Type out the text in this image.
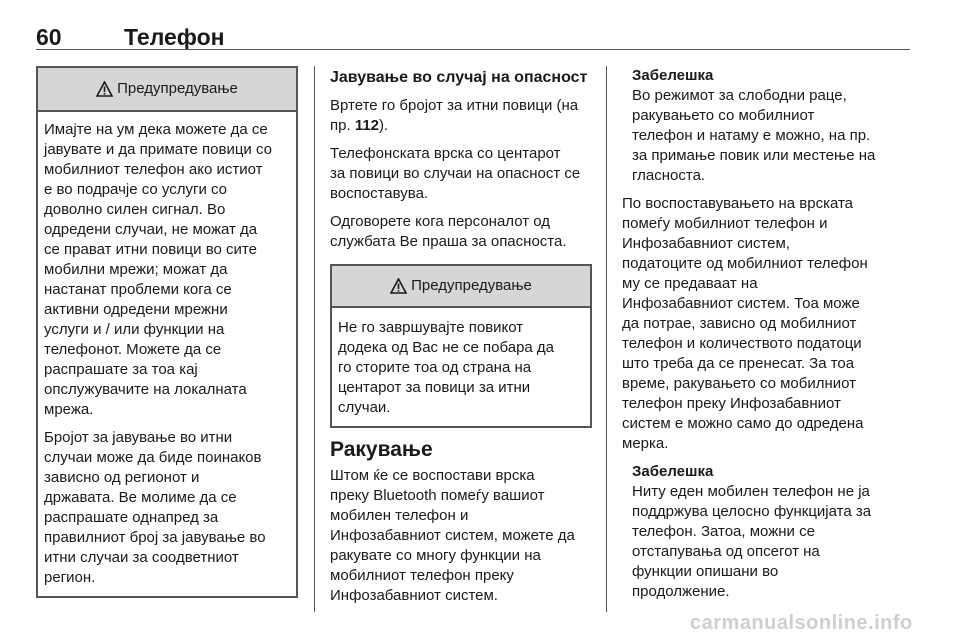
60	Телефон
Предупредување

Имајте на ум дека можете да се
јавувате и да примате повици со
мобилниот телефон ако истиот
е во подрачје со услуги со
доволно силен сигнал. Во
одредени случаи, не можат да
се прават итни повици во сите
мобилни мрежи; можат да
настанат проблеми кога се
активни одредени мрежни
услуги и / или функции на
телефонот. Можете да се
распрашате за тоа кај
опслужувачите на локалната
мрежа.

Бројот за јавување во итни
случаи може да биде поинаков
зависно од регионот и
државата. Ве молиме да се
распрашате однапред за
правилниот број за јавување во
итни случаи за соодветниот
регион.

Јавување во случај на опасност

Вртете го бројот за итни повици (на
пр. 112).

Телефонската врска со центарот
за повици во случаи на опасност се
воспоставува.

Одговорете кога персоналот од
службата Ве праша за опасноста.

Предупредување

Не го завршувајте повикот
додека од Вас не се побара да
го сторите тоа од страна на
центарот за повици за итни
случаи.

Ракување

Штом ќе се воспостави врска
преку Bluetooth помеѓу вашиот
мобилен телефон и
Инфозабавниот систем, можете да
ракувате со многу функции на
мобилниот телефон преку
Инфозабавниот систем.

Забелешка

Во режимот за слободни раце,
ракувањето со мобилниот
телефон и натаму е можно, на пр.
за примање повик или местење на
гласноста.

По воспоставувањето на врската
помеѓу мобилниот телефон и
Инфозабавниот систем,
податоците од мобилниот телефон
му се предаваат на
Инфозабавниот систем. Тоа може
да потрае, зависно од мобилниот
телефон и количеството податоци
што треба да се пренесат. За тоа
време, ракувањето со мобилниот
телефон преку Инфозабавниот
систем е можно само до одредена
мерка.

Забелешка

Ниту еден мобилен телефон не ја
поддржува целосно функцијата за
телефон. Затоа, можни се
отстапувања од опсегот на
функции опишани во
продолжение.

carmanualsonline.info
